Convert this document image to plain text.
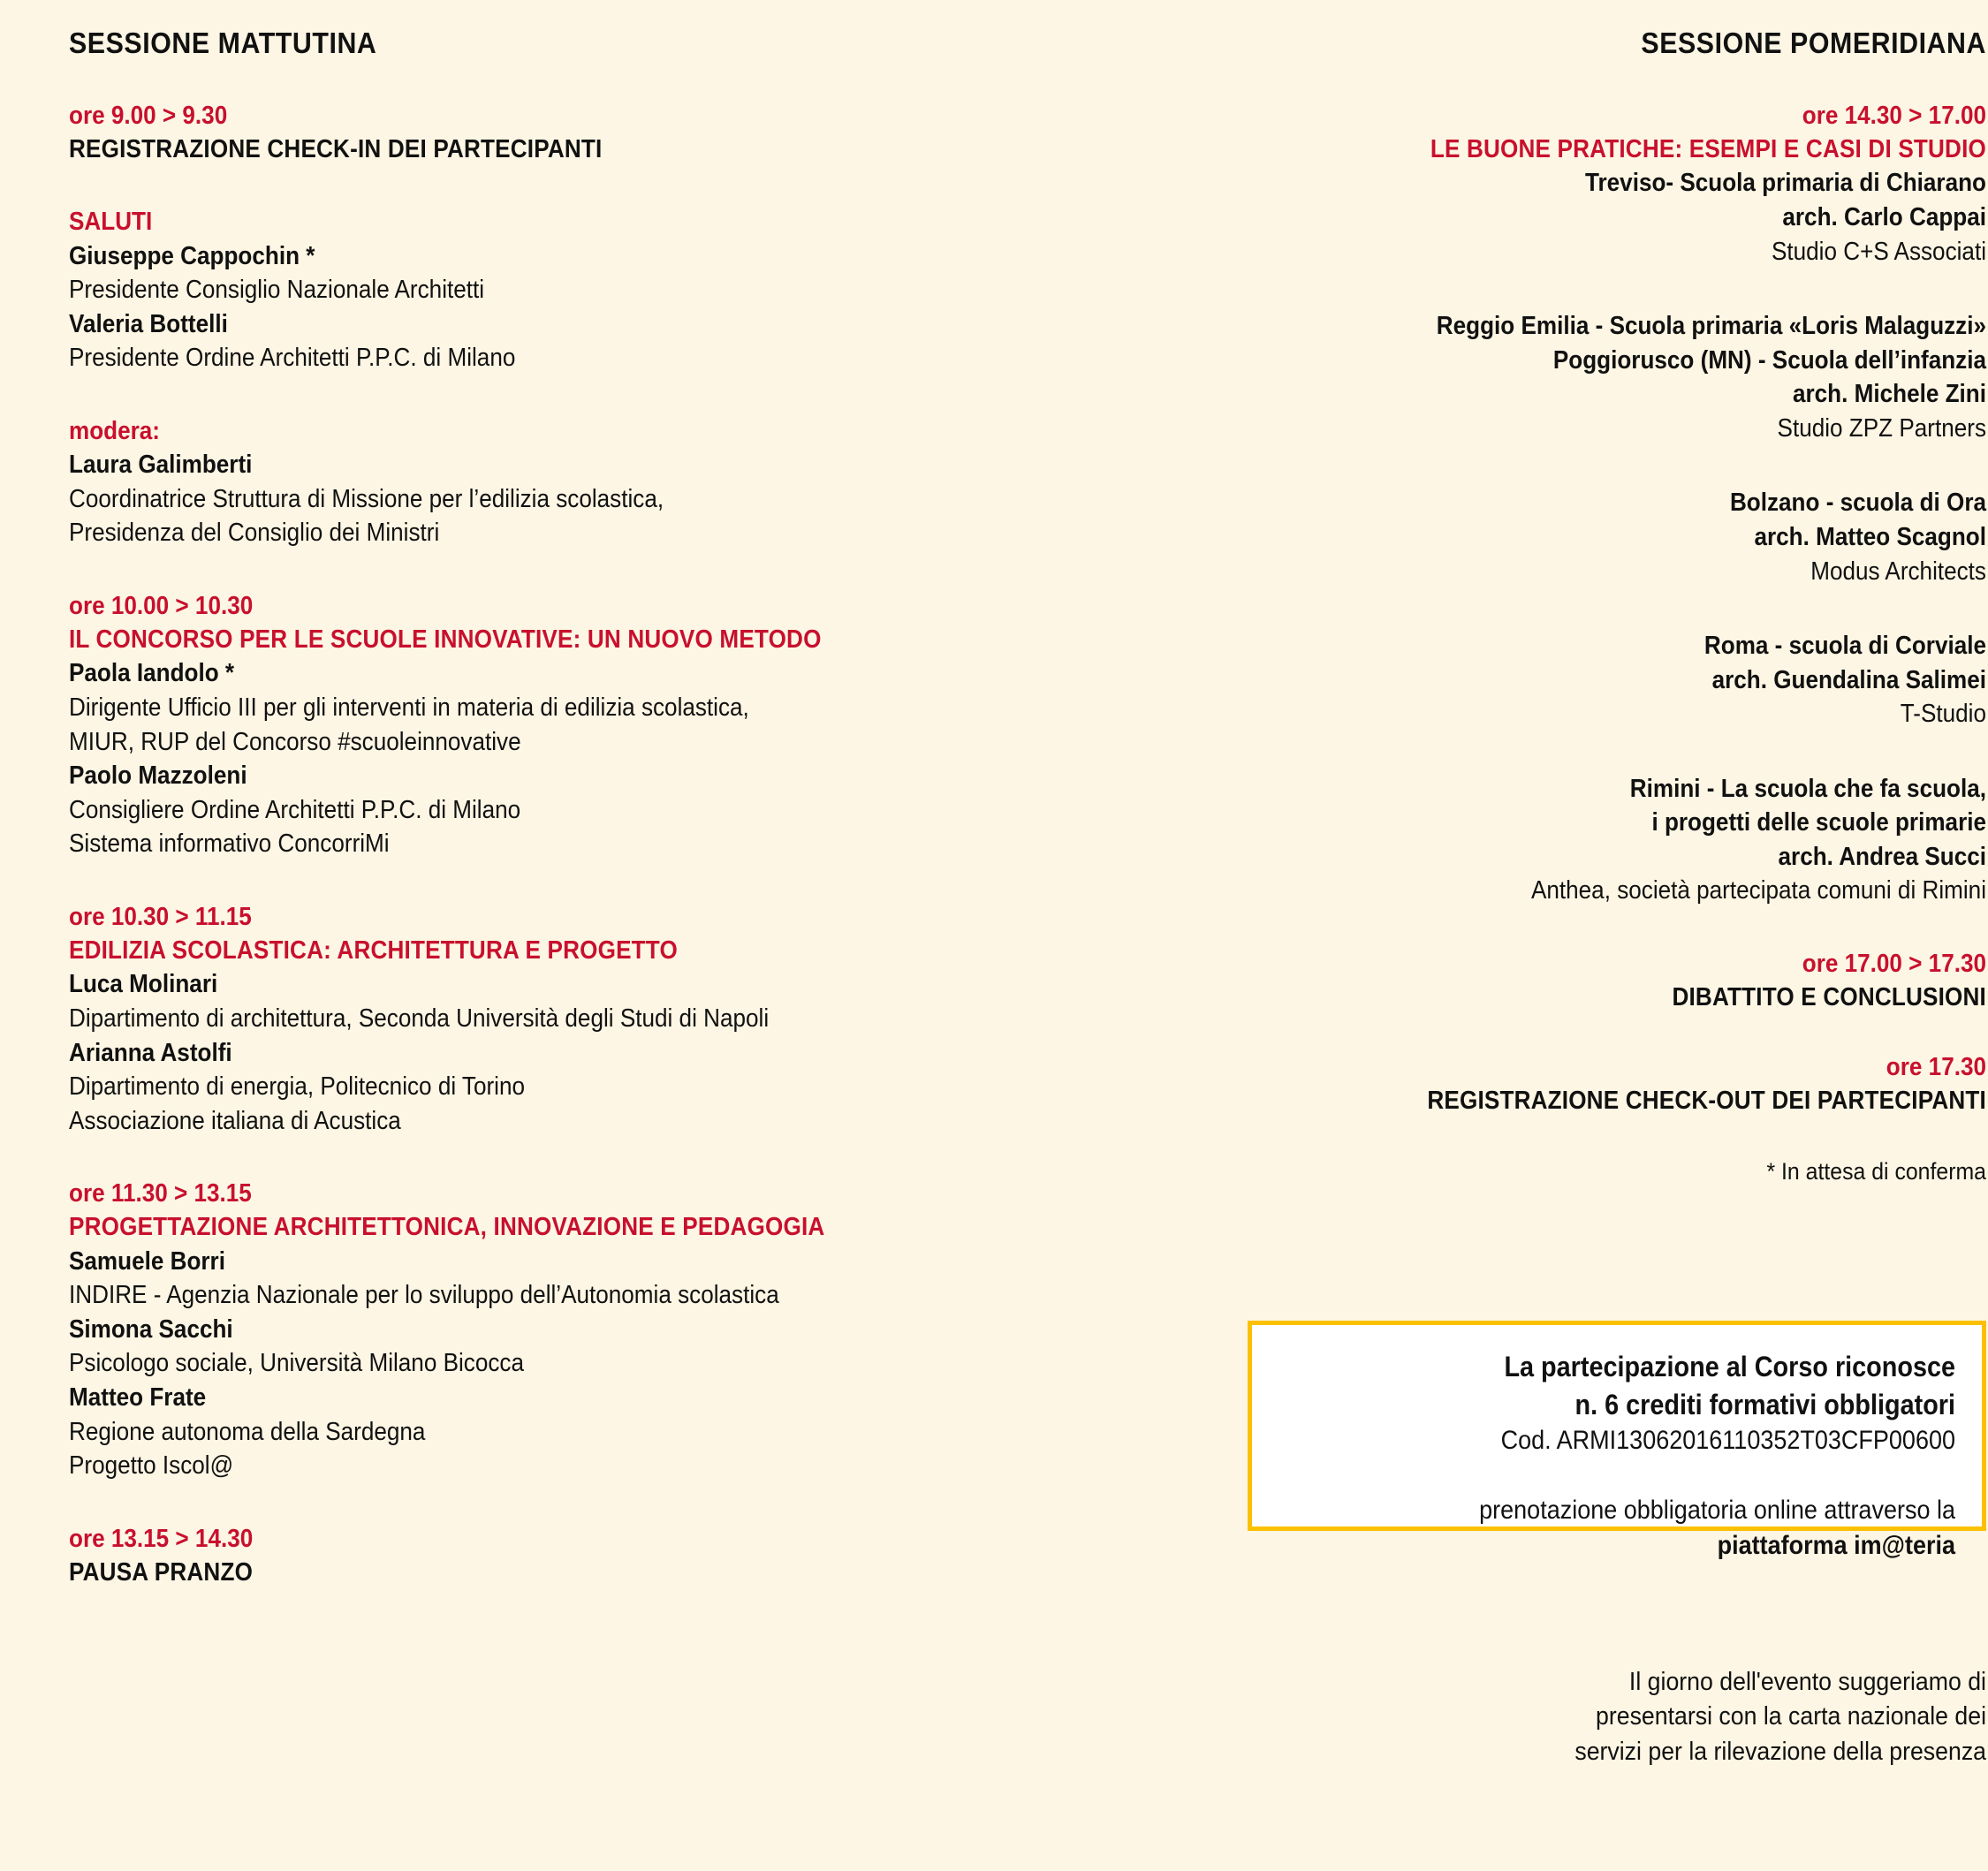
SESSIONE MATTUTINA
ore 9.00 > 9.30
REGISTRAZIONE CHECK-IN DEI PARTECIPANTI
SALUTI
Giuseppe Cappochin *
Presidente Consiglio Nazionale Architetti
Valeria Bottelli
Presidente Ordine Architetti P.P.C. di Milano
modera:
Laura Galimberti
Coordinatrice Struttura di Missione per l’edilizia scolastica,
Presidenza del Consiglio dei Ministri
ore 10.00 > 10.30
IL CONCORSO PER LE SCUOLE INNOVATIVE: UN NUOVO METODO
Paola Iandolo *
Dirigente Ufficio III per gli interventi in materia di edilizia scolastica,
MIUR, RUP del Concorso #scuoleinnovative
Paolo Mazzoleni
Consigliere Ordine Architetti P.P.C. di Milano
Sistema informativo ConcorriMi
ore 10.30 > 11.15
EDILIZIA SCOLASTICA: ARCHITETTURA E PROGETTO
Luca Molinari
Dipartimento di architettura, Seconda Università degli Studi di Napoli
Arianna Astolfi
Dipartimento di energia, Politecnico di Torino
Associazione italiana di Acustica
ore 11.30 > 13.15
PROGETTAZIONE ARCHITETTONICA, INNOVAZIONE E PEDAGOGIA
Samuele Borri
INDIRE - Agenzia Nazionale per lo sviluppo dell’Autonomia scolastica
Simona Sacchi
Psicologo sociale, Università Milano Bicocca
Matteo Frate
Regione autonoma della Sardegna
Progetto Iscol@
ore 13.15 > 14.30
PAUSA PRANZO
SESSIONE POMERIDIANA
ore 14.30 > 17.00
LE BUONE PRATICHE: ESEMPI E CASI DI STUDIO
Treviso- Scuola primaria di Chiarano
arch. Carlo Cappai
Studio C+S Associati
Reggio Emilia - Scuola primaria «Loris Malaguzzi»
Poggiorusco (MN) - Scuola dell’infanzia
arch. Michele Zini
Studio ZPZ Partners
Bolzano - scuola di Ora
arch. Matteo Scagnol
Modus Architects
Roma - scuola di Corviale
arch. Guendalina Salimei
T-Studio
Rimini - La scuola che fa scuola,
i progetti delle scuole primarie
arch. Andrea Succi
Anthea, società partecipata comuni di Rimini
ore 17.00 > 17.30
DIBATTITO E CONCLUSIONI
ore 17.30
REGISTRAZIONE CHECK-OUT DEI PARTECIPANTI
* In attesa di conferma
La partecipazione al Corso riconosce
n. 6 crediti formativi obbligatori
Cod. ARMI13062016110352T03CFP00600
prenotazione obbligatoria online attraverso la
piattaforma im@teria
Il giorno dell'evento suggeriamo di
presentarsi con la carta nazionale dei
servizi per la rilevazione della presenza
